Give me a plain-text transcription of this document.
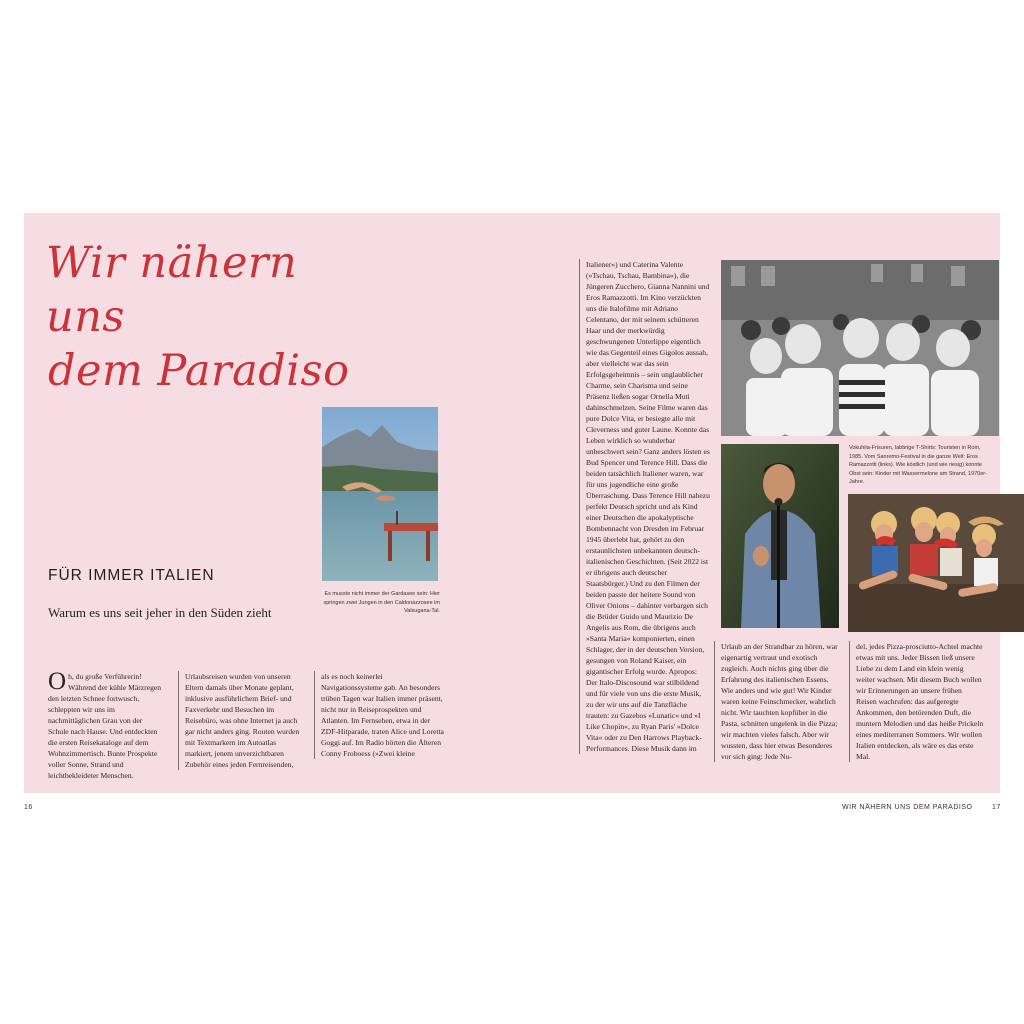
Wir nähern uns
dem Paradiso
Es musste nicht immer der Gardasee sein: Hier springen zwei Jungen in den Caldonazzosee im Valsugana-Tal.
FÜR IMMER ITALIEN
Warum es uns seit jeher in den Süden zieht

Oh, du große Verführerin! Während der kühle Märzregen den letzten Schnee fortwusch, schleppten wir uns im nachmittäglichen Grau von der Schule nach Hause. Und entdeckten die ersten Reisekataloge auf dem Wohnzimmertisch. Bunte Prospekte voller Sonne, Strand und leichtbekleideter Menschen.

Urlaubsreisen wurden von unseren Eltern damals über Monate geplant, inklusive ausführlichem Brief- und Faxverkehr und Besuchen im Reisebüro, was ohne Internet ja auch gar nicht anders ging. Routen wurden mit Textmarkern im Autoatlas markiert, jenem unverzichtbaren Zubehör eines jeden Fernreisenden,

als es noch keinerlei Navigationssysteme gab. An besonders trüben Tagen war Italien immer präsent, nicht nur in Reiseprospekten und Atlanten. Im Fernsehen, etwa in der ZDF-Hitparade, traten Alice und Loretta Goggi auf. Im Radio hörten die Älteren Conny Froboess (»Zwei kleine

Italiener«) und Caterina Valente (»Tschau, Tschau, Bambina«), die Jüngeren Zucchero, Gianna Nannini und Eros Ramazzotti. Im Kino verzückten uns die Italofilme mit Adriano Celentano, der mit seinem schütteren Haar und der merkwürdig geschwungenen Unterlippe eigentlich wie das Gegenteil eines Gigolos aussah, aber vielleicht war das sein Erfolgsgeheimnis – sein unglaublicher Charme, sein Charisma und seine Präsenz ließen sogar Ornella Muti dahinschmelzen. Seine Filme waren das pure Dolce Vita, er besiegte alle mit Cleverness und guter Laune. Konnte das Leben wirklich so wunderbar unbeschwert sein? Ganz anders lösten es Bud Spencer und Terence Hill. Dass die beiden tatsächlich Italiener waren, war für uns jugendliche eine große Überraschung. Dass Terence Hill nahezu perfekt Deutsch spricht und als Kind einer Deutschen die apokalyptische Bombennacht von Dresden im Februar 1945 überlebt hat, gehört zu den erstaunlichsten unbekannten deutsch-italienischen Geschichten. (Seit 2022 ist er übrigens auch deutscher Staatsbürger.) Und zu den Filmen der beiden passte der heitere Sound von Oliver Onions – dahinter verbargen sich die Brüder Guido und Maurizio De Angelis aus Rom, die übrigens auch »Santa Maria« komponierten, einen Schlager, der in der deutschen Version, gesungen von Roland Kaiser, ein gigantischer Erfolg wurde. Apropos: Der Italo-Discosound war stilbildend und für viele von uns die erste Musik, zu der wir uns auf die Tanzfläche trauten: zu Gazebos »Lunatic« und »I Like Chopin«, zu Ryan Paris' »Dolce Vita« oder zu Den Harrows Playback-Performances. Diese Musik dann im

Urlaub an der Strandbar zu hören, war eigenartig vertraut und exotisch zugleich. Auch nichts ging über die Erfahrung des italienischen Essens. Wie anders und wie gut! Wir Kinder waren keine Feinschmecker, wahrlich nicht. Wir tauchten kopfüber in die Pasta, schnitten ungelenk in die Pizza; wir machten vieles falsch. Aber wir wussten, dass hier etwas Besonderes vor sich ging: Jede Nu-

del, jedes Pizza-prosciutto-Achtel machte etwas mit uns. Jeder Bissen ließ unsere Liebe zu dem Land ein klein wenig weiter wachsen. Mit diesem Buch wollen wir Erinnerungen an unsere frühen Reisen wachrufen: das aufgeregte Ankommen, den betörenden Duft, die muntern Melodien und das heiße Prickeln eines mediterranen Sommers. Wir wollen Italien entdecken, als wäre es das erste Mal.

Vokuhila-Frisuren, labbrige T-Shirts: Touristen in Rom, 1985. Vom Sanremo-Festival in die ganze Welt: Eros Ramazzotti (links). Wie köstlich (und wie riesig) konnte Obst sein: Kinder mit Wassermelone am Strand, 1970er-Jahre.
16	WIR NÄHERN UNS DEM PARADISO	17
